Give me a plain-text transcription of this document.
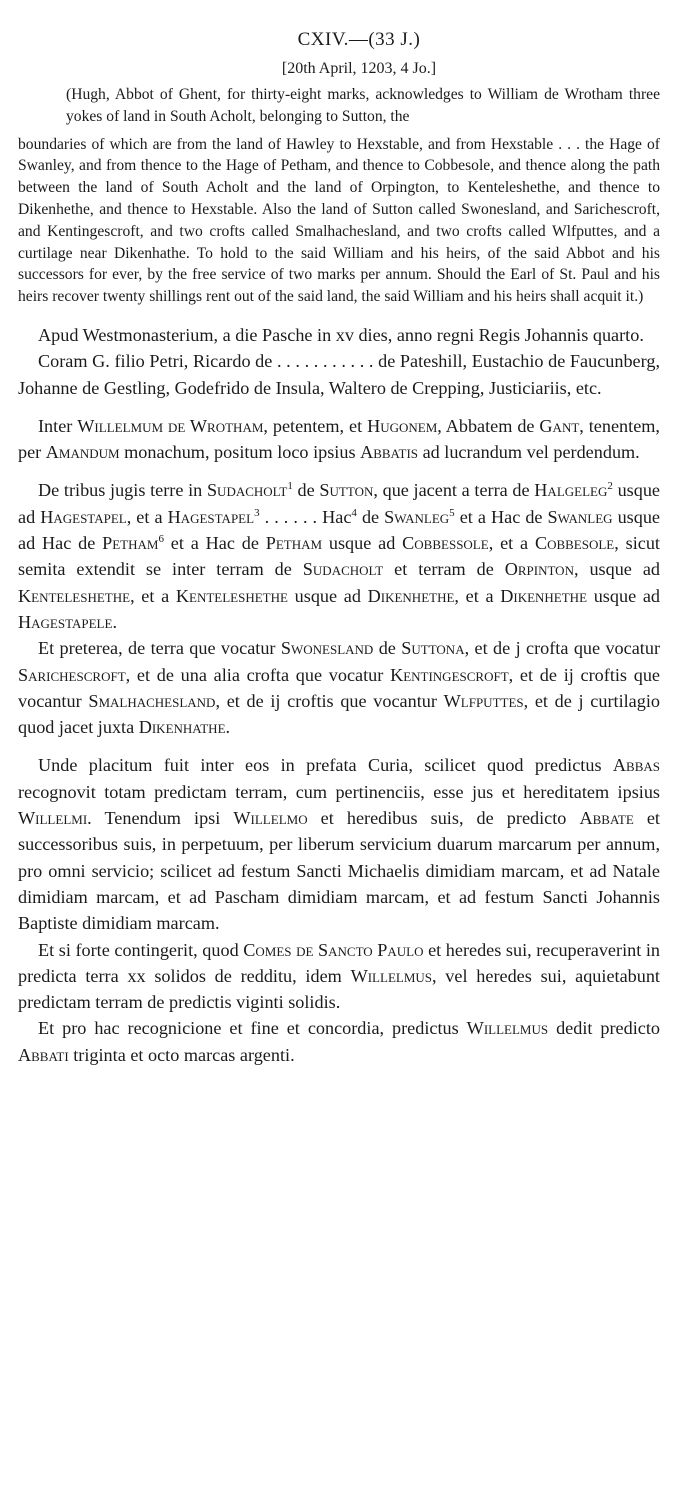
CXIV.—(33 J.)
[20th April, 1203, 4 Jo.]

(Hugh, Abbot of Ghent, for thirty-eight marks, acknowledges to William de Wrotham three yokes of land in South Acholt, belonging to Sutton, the

boundaries of which are from the land of Hawley to Hexstable, and from Hexstable . . . the Hage of Swanley, and from thence to the Hage of Petham, and thence to Cobbesole, and thence along the path between the land of South Acholt and the land of Orpington, to Kenteleshethe, and thence to Dikenhethe, and thence to Hexstable. Also the land of Sutton called Swonesland, and Sarichescroft, and Kentingescroft, and two crofts called Smalhachesland, and two crofts called Wlfputtes, and a curtilage near Dikenhathe. To hold to the said William and his heirs, of the said Abbot and his successors for ever, by the free service of two marks per annum. Should the Earl of St. Paul and his heirs recover twenty shillings rent out of the said land, the said William and his heirs shall acquit it.)

Apud Westmonasterium, a die Pasche in xv dies, anno regni Regis Johannis quarto.

Coram G. filio Petri, Ricardo de . . . . . . . . . . . de Pateshill, Eustachio de Faucunberg, Johanne de Gestling, Godefrido de Insula, Waltero de Crepping, Justiciariis, etc.

Inter Willelmum de Wrotham, petentem, et Hugonem, Abbatem de Gant, tenentem, per Amandum monachum, positum loco ipsius Abbatis ad lucrandum vel perdendum.

De tribus jugis terre in Sudacholt$^1$ de Sutton, que jacent a terra de Halgeleg$^2$ usque ad Hagestapel, et a Hagestapel$^3$ . . . . . . Hac$^4$ de Swanleg$^5$ et a Hac de Swanleg usque ad Hac de Petham$^6$ et a Hac de Petham usque ad Cobbessole, et a Cobbesole, sicut semita extendit se inter terram de Sudacholt et terram de Orpinton, usque ad Kenteleshethe, et a Kenteleshethe usque ad Dikenhethe, et a Dikenhethe usque ad Hagestapele.

Et preterea, de terra que vocatur Swonesland de Suttona, et de j crofta que vocatur Sarichescroft, et de una alia crofta que vocatur Kentingescroft, et de ij croftis que vocantur Smalhachesland, et de ij croftis que vocantur Wlfputtes, et de j curtilagio quod jacet juxta Dikenhathe.

Unde placitum fuit inter eos in prefata Curia, scilicet quod predictus Abbas recognovit totam predictam terram, cum pertinenciis, esse jus et hereditatem ipsius Willelmi. Tenendum ipsi Willelmo et heredibus suis, de predicto Abbate et successoribus suis, in perpetuum, per liberum servicium duarum marcarum per annum, pro omni servicio; scilicet ad festum Sancti Michaelis dimidiam marcam, et ad Natale dimidiam marcam, et ad Pascham dimidiam marcam, et ad festum Sancti Johannis Baptiste dimidiam marcam.

Et si forte contingerit, quod Comes de Sancto Paulo et heredes sui, recuperaverint in predicta terra xx solidos de redditu, idem Willelmus, vel heredes sui, aquietabunt predictam terram de predictis viginti solidis.

Et pro hac recognicione et fine et concordia, predictus Willelmus dedit predicto Abbati triginta et octo marcas argenti.
